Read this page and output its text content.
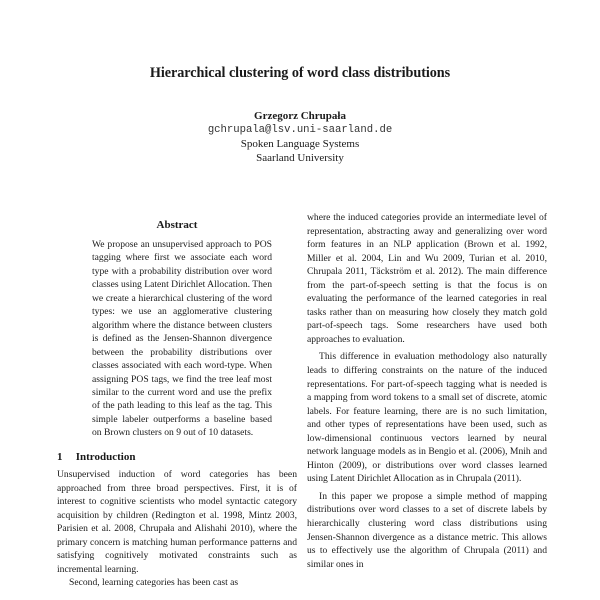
Hierarchical clustering of word class distributions
Grzegorz Chrupała
gchrupala@lsv.uni-saarland.de
Spoken Language Systems
Saarland University
Abstract
We propose an unsupervised approach to POS tagging where first we associate each word type with a probability distribution over word classes using Latent Dirichlet Allocation. Then we create a hierarchical clustering of the word types: we use an agglomerative clustering algorithm where the distance between clusters is defined as the Jensen-Shannon divergence between the probability distributions over classes associated with each word-type. When assigning POS tags, we find the tree leaf most similar to the current word and use the prefix of the path leading to this leaf as the tag. This simple labeler outperforms a baseline based on Brown clusters on 9 out of 10 datasets.
1 Introduction

Unsupervised induction of word categories has been approached from three broad perspectives. First, it is of interest to cognitive scientists who model syntactic category acquisition by children (Redington et al. 1998, Mintz 2003, Parisien et al. 2008, Chrupała and Alishahi 2010), where the primary concern is matching human performance patterns and satisfying cognitively motivated constraints such as incremental learning.

Second, learning categories has been cast as

where the induced categories provide an intermediate level of representation, abstracting away and generalizing over word form features in an NLP application (Brown et al. 1992, Miller et al. 2004, Lin and Wu 2009, Turian et al. 2010, Chrupala 2011, Täckström et al. 2012). The main difference from the part-of-speech setting is that the focus is on evaluating the performance of the learned categories in real tasks rather than on measuring how closely they match gold part-of-speech tags. Some researchers have used both approaches to evaluation.

This difference in evaluation methodology also naturally leads to differing constraints on the nature of the induced representations. For part-of-speech tagging what is needed is a mapping from word tokens to a small set of discrete, atomic labels. For feature learning, there are is no such limitation, and other types of representations have been used, such as low-dimensional continuous vectors learned by neural network language models as in Bengio et al. (2006), Mnih and Hinton (2009), or distributions over word classes learned using Latent Dirichlet Allocation as in Chrupala (2011).

In this paper we propose a simple method of mapping distributions over word classes to a set of discrete labels by hierarchically clustering word class distributions using Jensen-Shannon divergence as a distance metric. This allows us to effectively use the algorithm of Chrupala (2011) and similar ones in
